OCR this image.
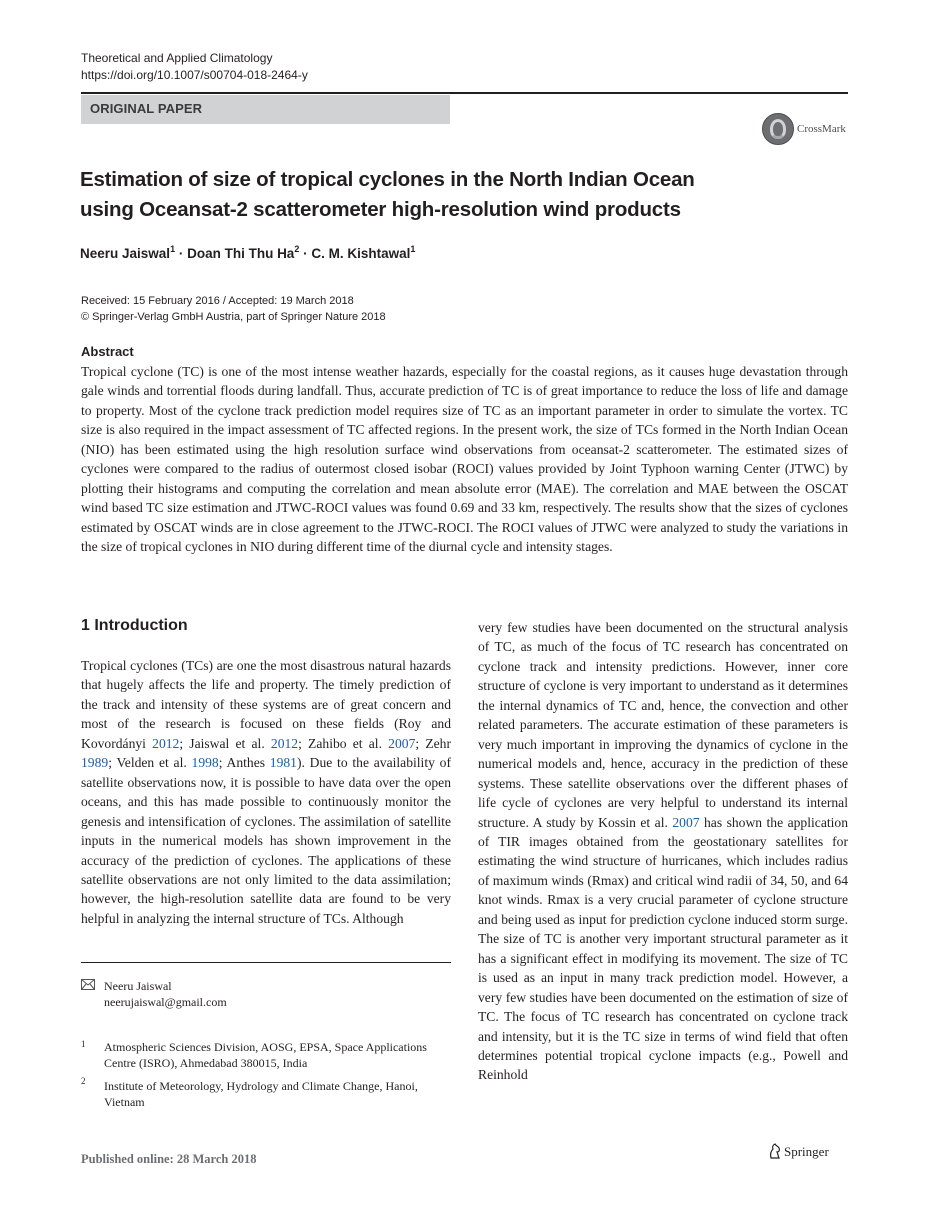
Theoretical and Applied Climatology
https://doi.org/10.1007/s00704-018-2464-y
ORIGINAL PAPER
CrossMark
Estimation of size of tropical cyclones in the North Indian Ocean
using Oceansat-2 scatterometer high-resolution wind products
Neeru Jaiswal$^1$ · Doan Thi Thu $Ha^2 \cdot C$. M. Kishtawal$^1$
Received: 15 February 2016 / Accepted: 19 March 2018
© Springer-Verlag GmbH Austria, part of Springer Nature 2018
Abstract
Tropical cyclone (TC) is one of the most intense weather hazards, especially for the coastal regions, as it causes huge devastation through gale winds and torrential floods during landfall. Thus, accurate prediction of TC is of great importance to reduce the loss of life and damage to property. Most of the cyclone track prediction model requires size of TC as an important parameter in order to simulate the vortex. TC size is also required in the impact assessment of TC affected regions. In the present work, the size of TCs formed in the North Indian Ocean (NIO) has been estimated using the high resolution surface wind observations from oceansat-2 scatterometer. The estimated sizes of cyclones were compared to the radius of outermost closed isobar (ROCI) values provided by Joint Typhoon warning Center (JTWC) by plotting their histograms and computing the correlation and mean absolute error (MAE). The correlation and MAE between the OSCAT wind based TC size estimation and JTWC-ROCI values was found 0.69 and 33 km, respectively. The results show that the sizes of cyclones estimated by OSCAT winds are in close agreement to the JTWC-ROCI. The ROCI values of JTWC were analyzed to study the variations in the size of tropical cyclones in NIO during different time of the diurnal cycle and intensity stages.
1 Introduction

Tropical cyclones (TCs) are one the most disastrous natural hazards that hugely affects the life and property. The timely prediction of the track and intensity of these systems are of great concern and most of the research is focused on these fields (Roy and Kovordányi 2012; Jaiswal et al. 2012; Zahibo et al. 2007; Zehr 1989; Velden et al. 1998; Anthes 1981). Due to the availability of satellite observations now, it is possible to have data over the open oceans, and this has made possible to continuously monitor the genesis and intensification of cyclones. The assimilation of satellite inputs in the numerical models has shown improvement in the accuracy of the prediction of cyclones. The applications of these satellite observations are not only limited to the data assimilation; however, the high-resolution satellite data are found to be very helpful in analyzing the internal structure of TCs. Although

very few studies have been documented on the structural analysis of TC, as much of the focus of TC research has concentrated on cyclone track and intensity predictions. However, inner core structure of cyclone is very important to understand as it determines the internal dynamics of TC and, hence, the convection and other related parameters. The accurate estimation of these parameters is very much important in improving the dynamics of cyclone in the numerical models and, hence, accuracy in the prediction of these systems. These satellite observations over the different phases of life cycle of cyclones are very helpful to understand its internal structure. A study by Kossin et al. 2007 has shown the application of TIR images obtained from the geostationary satellites for estimating the wind structure of hurricanes, which includes radius of maximum winds (Rmax) and critical wind radii of 34, 50, and 64 knot winds. Rmax is a very crucial parameter of cyclone structure and being used as input for prediction cyclone induced storm surge. The size of TC is another very important structural parameter as it has a significant effect in modifying its movement. The size of TC is used as an input in many track prediction model. However, a very few studies have been documented on the estimation of size of TC. The focus of TC research has concentrated on cyclone track and intensity, but it is the TC size in terms of wind field that often determines potential tropical cyclone impacts (e.g., Powell and Reinhold

Neeru Jaiswal
neerujaiswal@gmail.com
1 Atmospheric Sciences Division, AOSG, EPSA, Space Applications Centre (ISRO), Ahmedabad 380015, India
2 Institute of Meteorology, Hydrology and Climate Change, Hanoi, Vietnam
Published online: 28 March 2018	Springer
